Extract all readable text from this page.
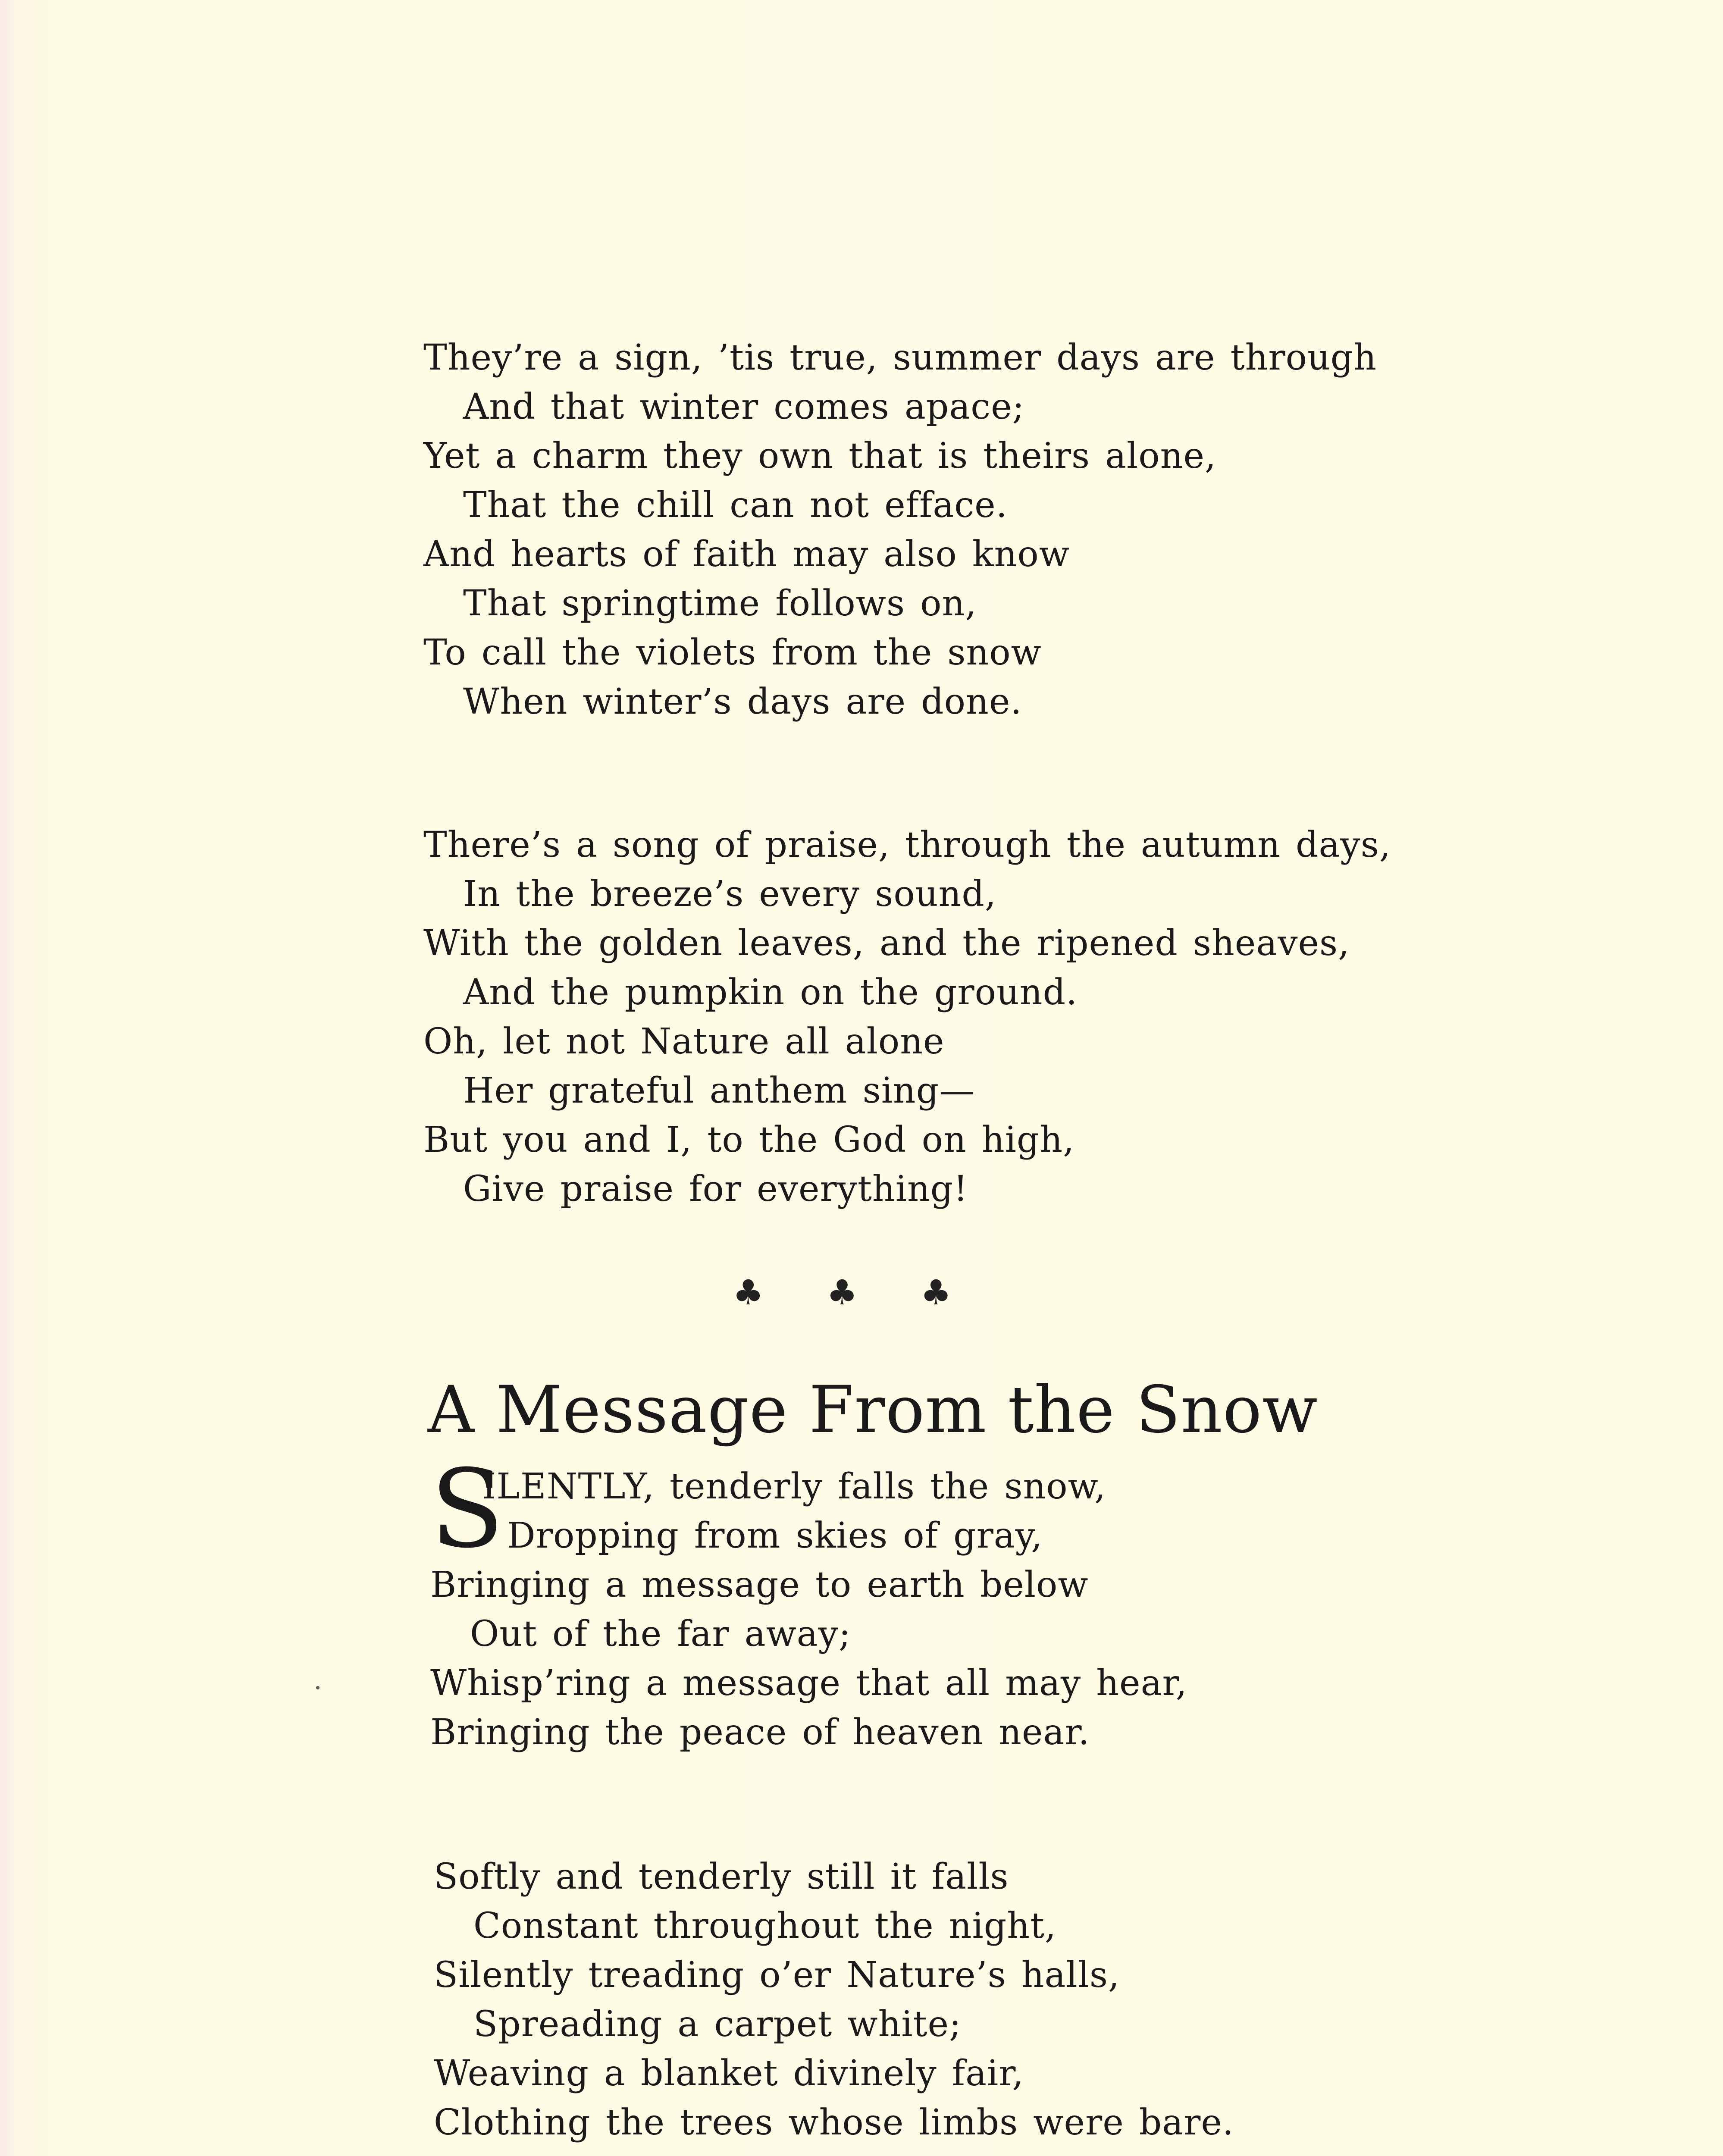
They’re a sign, ’tis true, summer days are through
And that winter comes apace;
Yet a charm they own that is theirs alone,
That the chill can not efface.
And hearts of faith may also know
That springtime follows on,
To call the violets from the snow
When winter’s days are done.
There’s a song of praise, through the autumn days,
In the breeze’s every sound,
With the golden leaves, and the ripened sheaves,
And the pumpkin on the ground.
Oh, let not Nature all alone
Her grateful anthem sing—
But you and I, to the God on high,
Give praise for everything!
♣ ♣ ♣
A Message From the Snow
S
ILENTLY, tenderly falls the snow,
Dropping from skies of gray,
Bringing a message to earth below
Out of the far away;
Whisp’ring a message that all may hear,
Bringing the peace of heaven near.
Softly and tenderly still it falls
Constant throughout the night,
Silently treading o’er Nature’s halls,
Spreading a carpet white;
Weaving a blanket divinely fair,
Clothing the trees whose limbs were bare.
